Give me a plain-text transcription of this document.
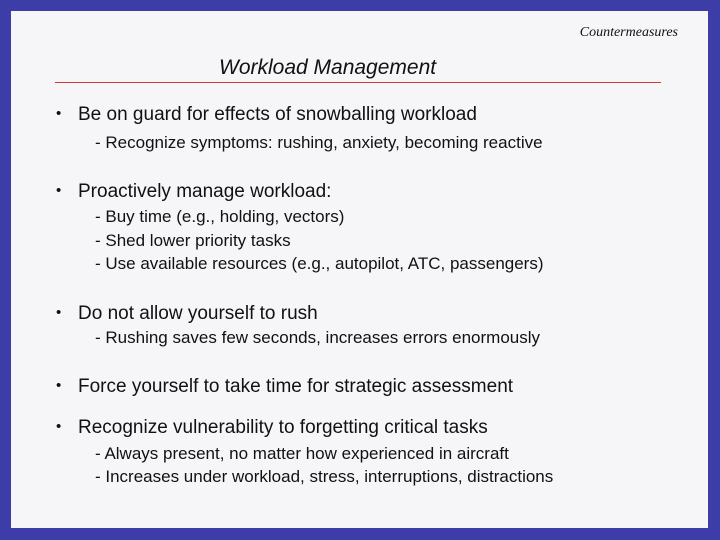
Countermeasures
Workload Management
• Be on guard for effects of snowballing workload
- Recognize symptoms: rushing, anxiety, becoming reactive
• Proactively manage workload:
- Buy time (e.g., holding, vectors)
- Shed lower priority tasks
- Use available resources (e.g., autopilot, ATC, passengers)
• Do not allow yourself to rush
- Rushing saves few seconds, increases errors enormously
• Force yourself to take time for strategic assessment
• Recognize vulnerability to forgetting critical tasks
- Always present, no matter how experienced in aircraft
- Increases under workload, stress, interruptions, distractions
